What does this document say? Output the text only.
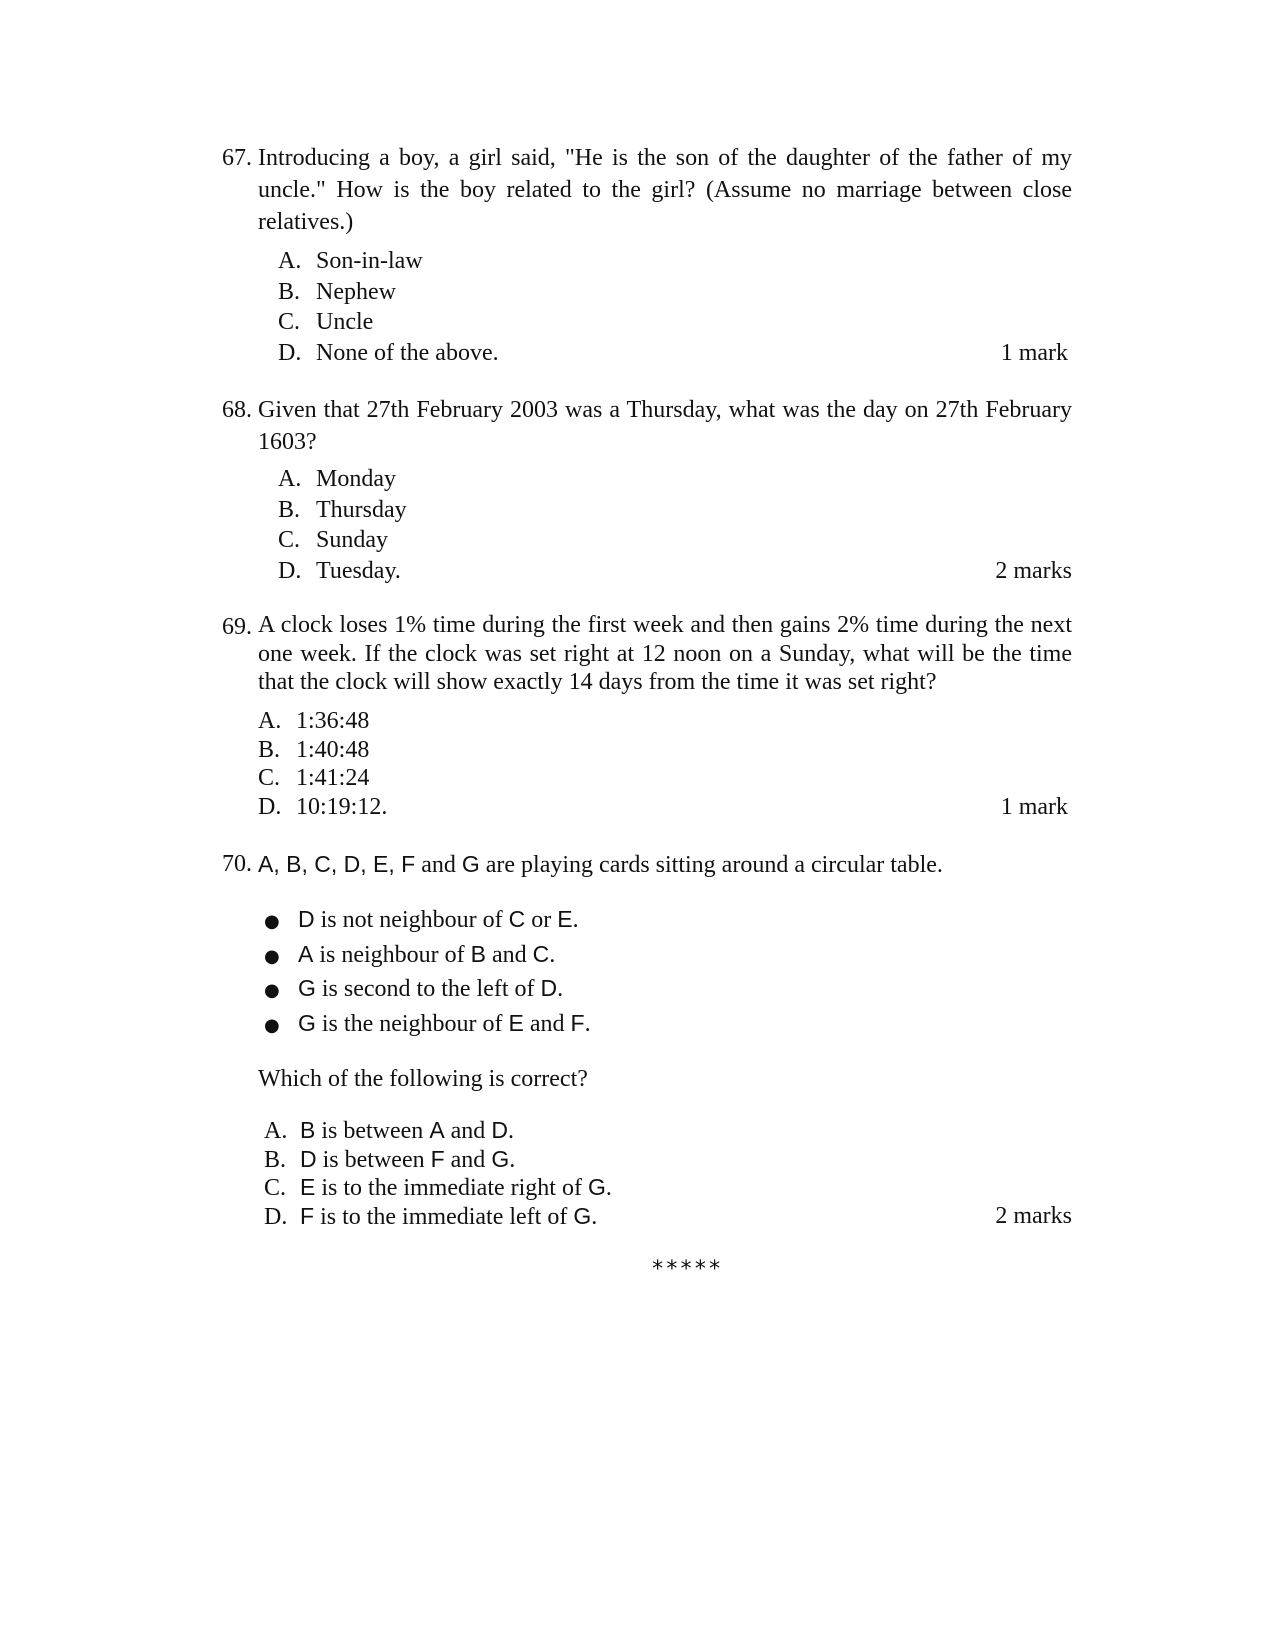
67. Introducing a boy, a girl said, "He is the son of the daughter of the father of my uncle." How is the boy related to the girl? (Assume no marriage between close relatives.)
A. Son-in-law
B. Nephew
C. Uncle
D. None of the above.	1 mark
68. Given that 27th February 2003 was a Thursday, what was the day on 27th February 1603?
A. Monday
B. Thursday
C. Sunday
D. Tuesday.	2 marks
69. A clock loses 1% time during the first week and then gains 2% time during the next one week. If the clock was set right at 12 noon on a Sunday, what will be the time that the clock will show exactly 14 days from the time it was set right?
A. 1:36:48
B. 1:40:48
C. 1:41:24
D. 10:19:12.	1 mark
70. A, B, C, D, E, F and G are playing cards sitting around a circular table.
● D is not neighbour of C or E.
● A is neighbour of B and C.
● G is second to the left of D.
● G is the neighbour of E and F.
Which of the following is correct?
A. B is between A and D.
B. D is between F and G.
C. E is to the immediate right of G.
D. F is to the immediate left of G.	2 marks
*****
